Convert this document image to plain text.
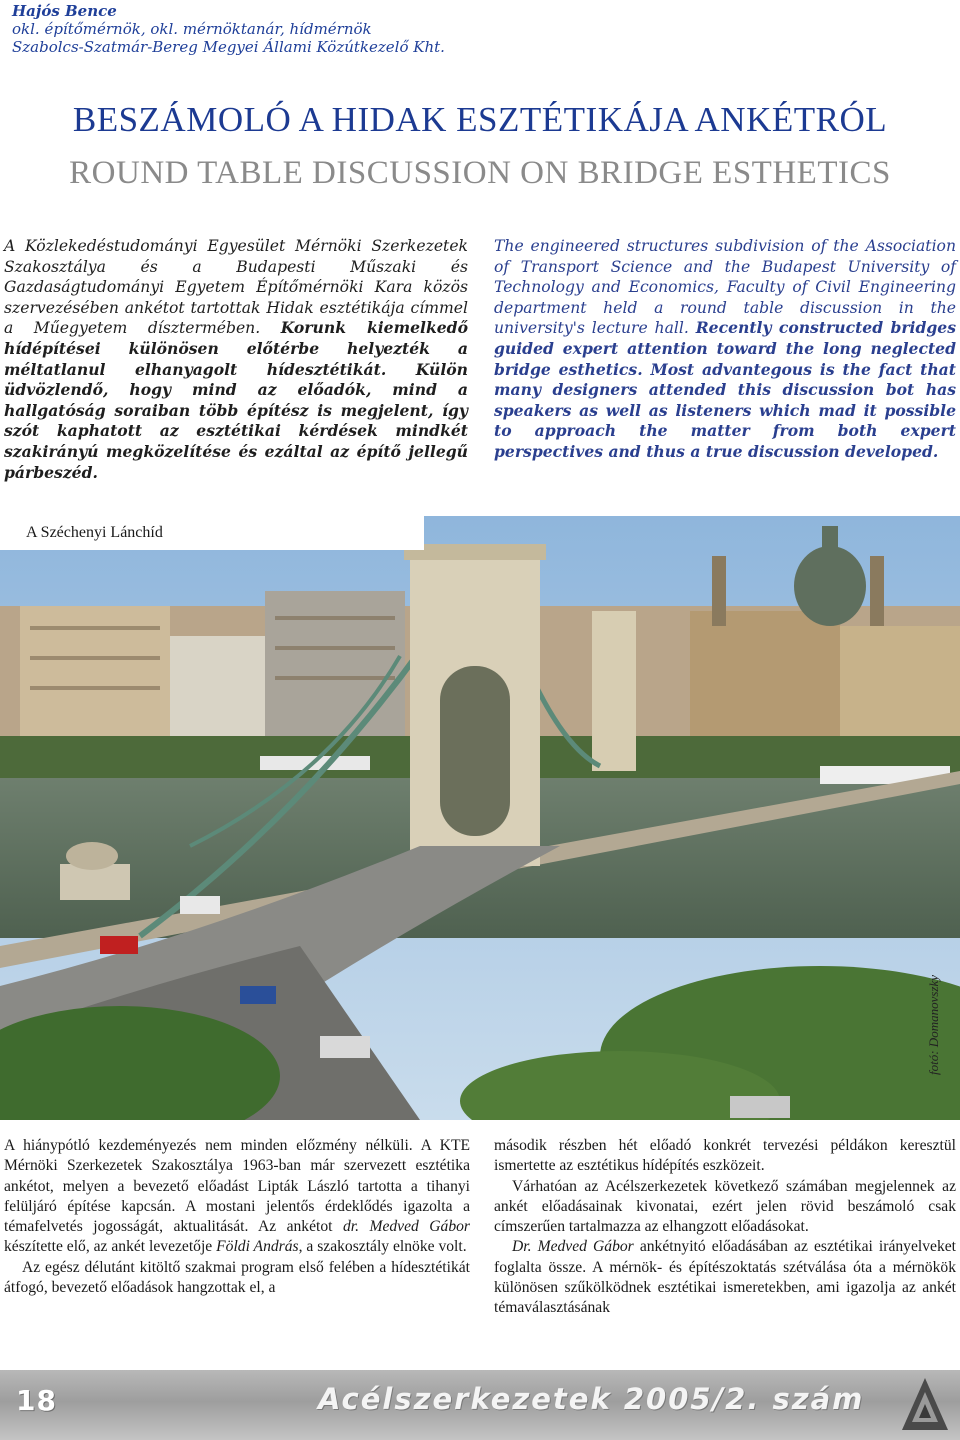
Hajós Bence
okl. építőmérnök, okl. mérnöktanár, hídmérnök
Szabolcs-Szatmár-Bereg Megyei Állami Közútkezelő Kht.
BESZÁMOLÓ A HIDAK ESZTÉTIKÁJA ANKÉTRÓL
ROUND TABLE DISCUSSION ON BRIDGE ESTHETICS

A Közlekedéstudományi Egyesület Mérnöki Szerkezetek Szakosztálya és a Budapesti Műszaki és Gazdaságtudományi Egyetem Építőmérnöki Kara közös szervezésében ankétot tartottak Hidak esztétikája címmel a Műegyetem dísztermében. Korunk kiemelkedő hídépítései különösen előtérbe helyezték a méltatlanul elhanyagolt hídesztétikát. Külön üdvözlendő, hogy mind az előadók, mind a hallgatóság soraiban több építész is megjelent, így szót kaphatott az esztétikai kérdések mindkét szakirányú megközelítése és ezáltal az építő jellegű párbeszéd.

The engineered structures subdivision of the Association of Transport Science and the Budapest University of Technology and Economics, Faculty of Civil Engineering department held a round table discussion in the university's lecture hall. Recently constructed bridges guided expert attention toward the long neglected bridge esthetics. Most advantegous is the fact that many designers attended this discussion bot has speakers as well as listeners which mad it possible to approach the matter from both expert perspectives and thus a true discussion developed.

A Széchenyi Lánchíd
fotó: Domanovszky

A hiánypótló kezdeményezés nem minden előzmény nélküli. A KTE Mérnöki Szerkezetek Szakosztálya 1963-ban már szervezett esztétika ankétot, melyen a bevezető előadást Lipták László tartotta a tihanyi felüljáró építése kapcsán. A mostani jelentős érdeklődés igazolta a témafelvetés jogosságát, aktualitását. Az ankétot dr. Medved Gábor készítette elő, az ankét levezetője Földi András, a szakosztály elnöke volt.

Az egész délutánt kitöltő szakmai program első felében a hídesztétikát átfogó, bevezető előadások hangzottak el, a

második részben hét előadó konkrét tervezési példákon keresztül ismertette az esztétikus hídépítés eszközeit.

Várhatóan az Acélszerkezetek következő számában megjelennek az ankét előadásainak kivonatai, ezért jelen rövid beszámoló csak címszerűen tartalmazza az elhangzott előadásokat.

Dr. Medved Gábor ankétnyitó előadásában az esztétikai irányelveket foglalta össze. A mérnök- és építészoktatás szétválása óta a mérnökök különösen szűkölködnek esztétikai ismeretekben, ami igazolja az ankét témaválasztásának

18	Acélszerkezetek 2005/2. szám
